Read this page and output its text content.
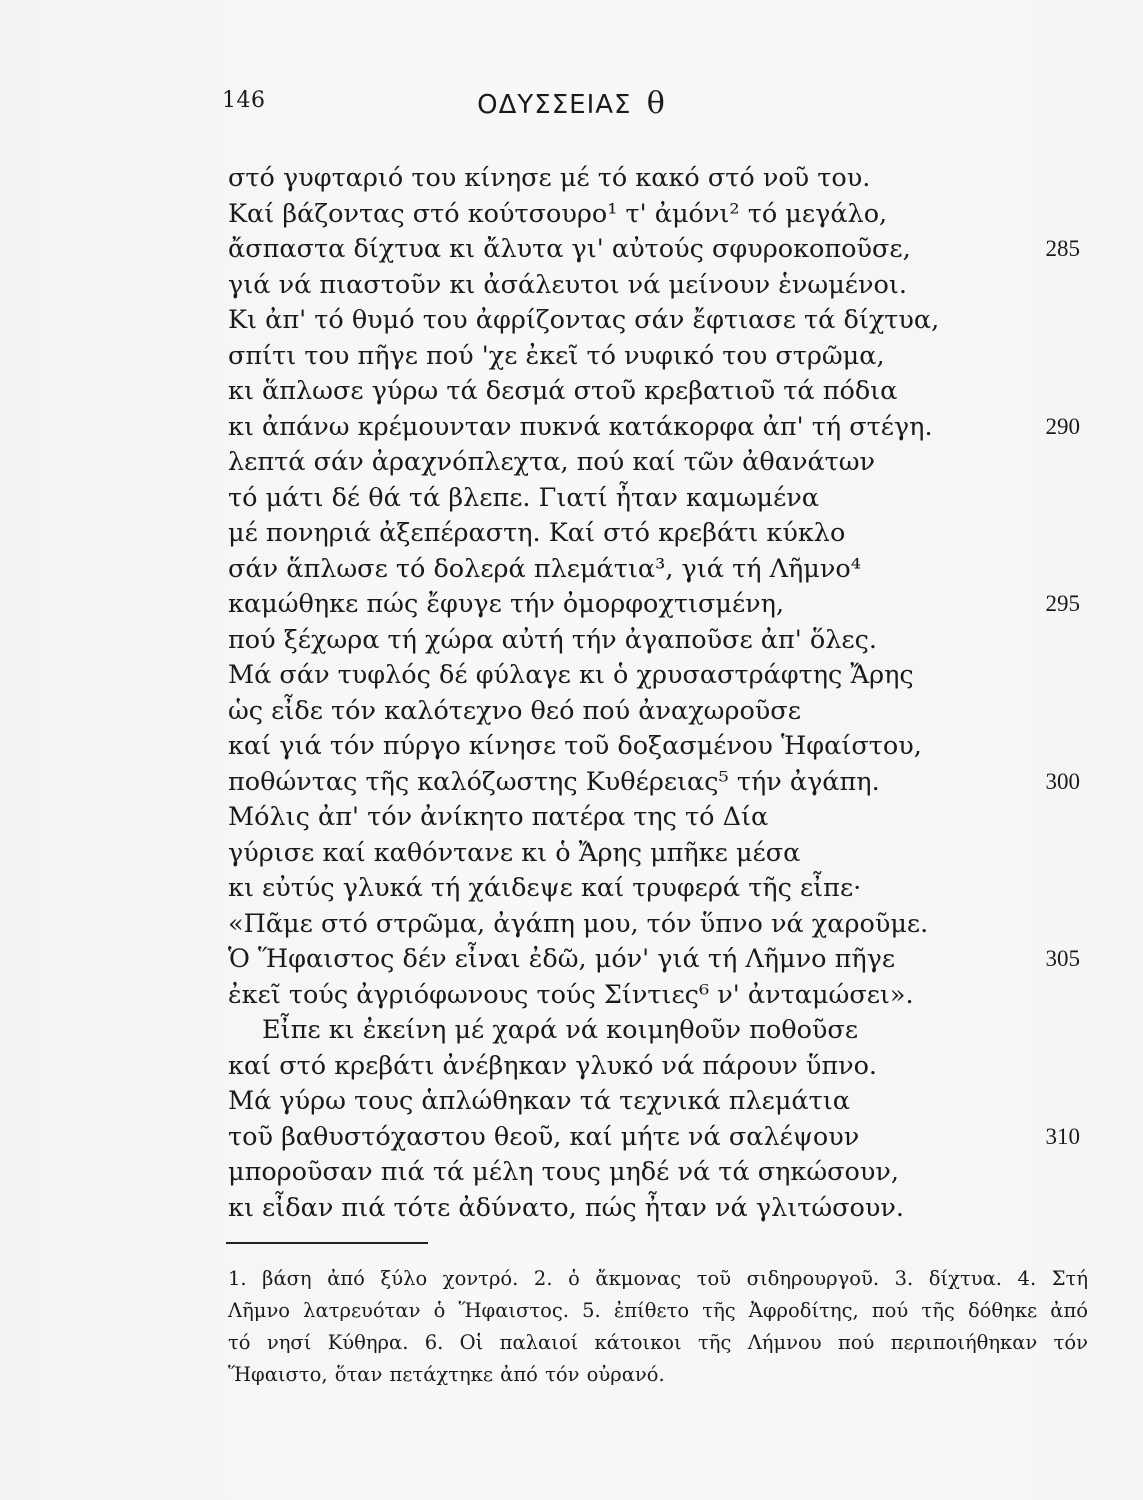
146	ΟΔΥΣΣΕΙΑΣ θ
στό γυφταριό του κίνησε μέ τό κακό στό νοῦ του.
Καί βάζοντας στό κούτσουρο¹ τ' ἀμόνι² τό μεγάλο,
ἄσπαστα δίχτυα κι ἄλυτα γι' αὐτούς σφυροκοποῦσε,	285
γιά νά πιαστοῦν κι ἀσάλευτοι νά μείνουν ἑνωμένοι.
Κι ἀπ' τό θυμό του ἀφρίζοντας σάν ἔφτιασε τά δίχτυα,
σπίτι του πῆγε πού 'χε ἐκεῖ τό νυφικό του στρῶμα,
κι ἅπλωσε γύρω τά δεσμά στοῦ κρεβατιοῦ τά πόδια
κι ἀπάνω κρέμουνταν πυκνά κατάκορφα ἀπ' τή στέγη.	290
λεπτά σάν ἀραχνόπλεχτα, πού καί τῶν ἀθανάτων
τό μάτι δέ θά τά βλεπε. Γιατί ἦταν καμωμένα
μέ πονηριά ἀξεπέραστη. Καί στό κρεβάτι κύκλο
σάν ἅπλωσε τό δολερά πλεμάτια³, γιά τή Λῆμνο⁴
καμώθηκε πώς ἔφυγε τήν ὀμορφοχτισμένη,	295
πού ξέχωρα τή χώρα αὐτή τήν ἀγαποῦσε ἀπ' ὅλες.
Μά σάν τυφλός δέ φύλαγε κι ὁ χρυσαστράφτης Ἄρης
ὡς εἶδε τόν καλότεχνο θεό πού ἀναχωροῦσε
καί γιά τόν πύργο κίνησε τοῦ δοξασμένου Ἡφαίστου,
ποθώντας τῆς καλόζωστης Κυθέρειας⁵ τήν ἀγάπη.	300
Μόλις ἀπ' τόν ἀνίκητο πατέρα της τό Δία
γύρισε καί καθόντανε κι ὁ Ἄρης μπῆκε μέσα
κι εὐτύς γλυκά τή χάιδεψε καί τρυφερά τῆς εἶπε·
«Πᾶμε στό στρῶμα, ἀγάπη μου, τόν ὕπνο νά χαροῦμε.
Ὁ Ἥφαιστος δέν εἶναι ἐδῶ, μόν' γιά τή Λῆμνο πῆγε	305
ἐκεῖ τούς ἀγριόφωνους τούς Σίντιες⁶ ν' ἀνταμώσει».
Εἶπε κι ἐκείνη μέ χαρά νά κοιμηθοῦν ποθοῦσε
καί στό κρεβάτι ἀνέβηκαν γλυκό νά πάρουν ὕπνο.
Μά γύρω τους ἁπλώθηκαν τά τεχνικά πλεμάτια
τοῦ βαθυστόχαστου θεοῦ, καί μήτε νά σαλέψουν	310
μποροῦσαν πιά τά μέλη τους μηδέ νά τά σηκώσουν,
κι εἶδαν πιά τότε ἀδύνατο, πώς ἦταν νά γλιτώσουν.
1. βάση ἀπό ξύλο χοντρό. 2. ὁ ἄκμονας τοῦ σιδηρουργοῦ. 3. δίχτυα. 4. Στή
Λῆμνο λατρευόταν ὁ Ἥφαιστος. 5. ἐπίθετο τῆς Ἀφροδίτης, πού τῆς δόθηκε ἀπό
τό νησί Κύθηρα. 6. Οἱ παλαιοί κάτοικοι τῆς Λήμνου πού περιποιήθηκαν τόν
Ἥφαιστο, ὅταν πετάχτηκε ἀπό τόν οὐρανό.
